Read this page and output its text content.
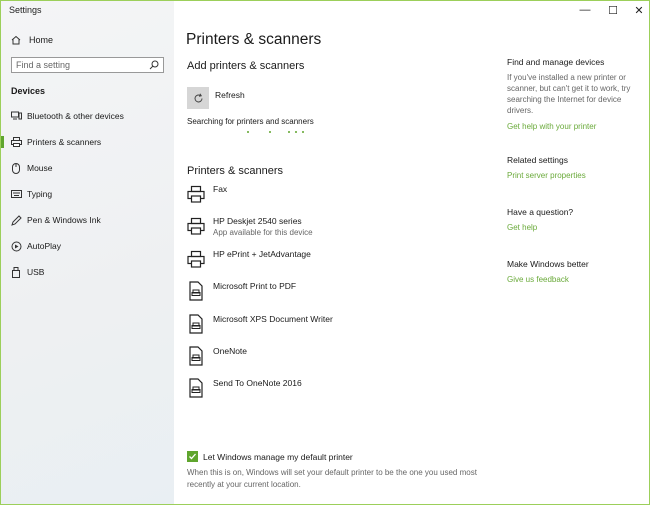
Settings
Home
Find a setting
Devices
Bluetooth & other devices
Printers & scanners
Mouse
Typing
Pen & Windows Ink
AutoPlay
USB
—	☐	✕
Printers & scanners
Add printers & scanners
Refresh
Searching for printers and scanners
Printers & scanners
Fax
HP Deskjet 2540 series
App available for this device
HP ePrint + JetAdvantage
Microsoft Print to PDF
Microsoft XPS Document Writer
OneNote
Send To OneNote 2016
Let Windows manage my default printer
When this is on, Windows will set your default printer to be the one you used most recently at your current location.
Find and manage devices
If you've installed a new printer or scanner, but can't get it to work, try searching the Internet for device drivers.
Get help with your printer
Related settings
Print server properties
Have a question?
Get help
Make Windows better
Give us feedback
